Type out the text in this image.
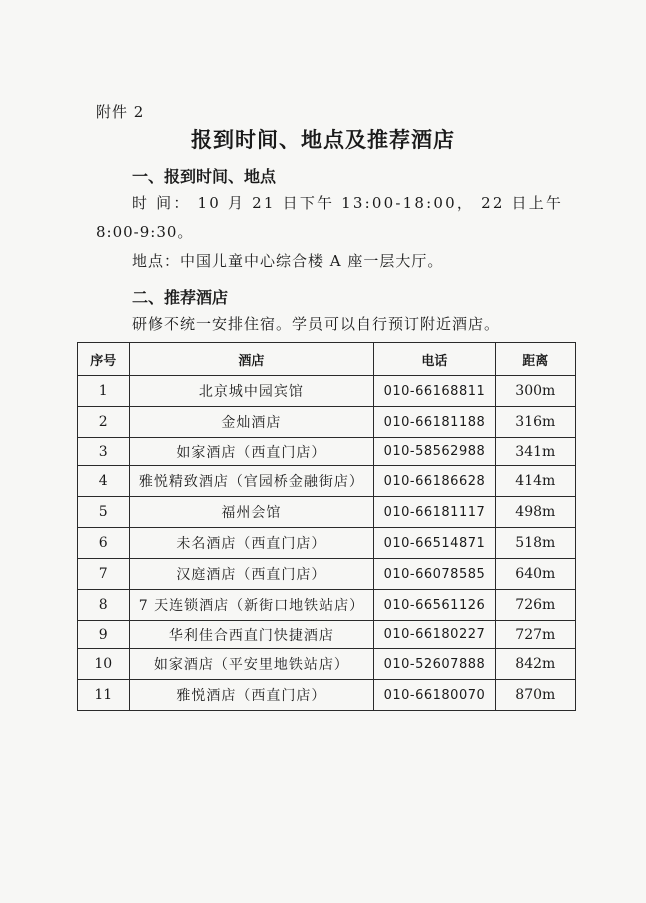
附件 2
报到时间、地点及推荐酒店
一、报到时间、地点
时 间： 10 月 21 日下午 13:00-18:00， 22 日上午
8:00-9:30。
地点：中国儿童中心综合楼 A 座一层大厅。
二、推荐酒店
研修不统一安排住宿。学员可以自行预订附近酒店。
序号	酒店	电话	距离
1	北京城中园宾馆	010-66168811	300m
2	金灿酒店	010-66181188	316m
3	如家酒店（西直门店）	010-58562988	341m
4	雅悦精致酒店（官园桥金融街店）	010-66186628	414m
5	福州会馆	010-66181117	498m
6	未名酒店（西直门店）	010-66514871	518m
7	汉庭酒店（西直门店）	010-66078585	640m
8	7 天连锁酒店（新街口地铁站店）	010-66561126	726m
9	华利佳合西直门快捷酒店	010-66180227	727m
10	如家酒店（平安里地铁站店）	010-52607888	842m
11	雅悦酒店（西直门店）	010-66180070	870m
